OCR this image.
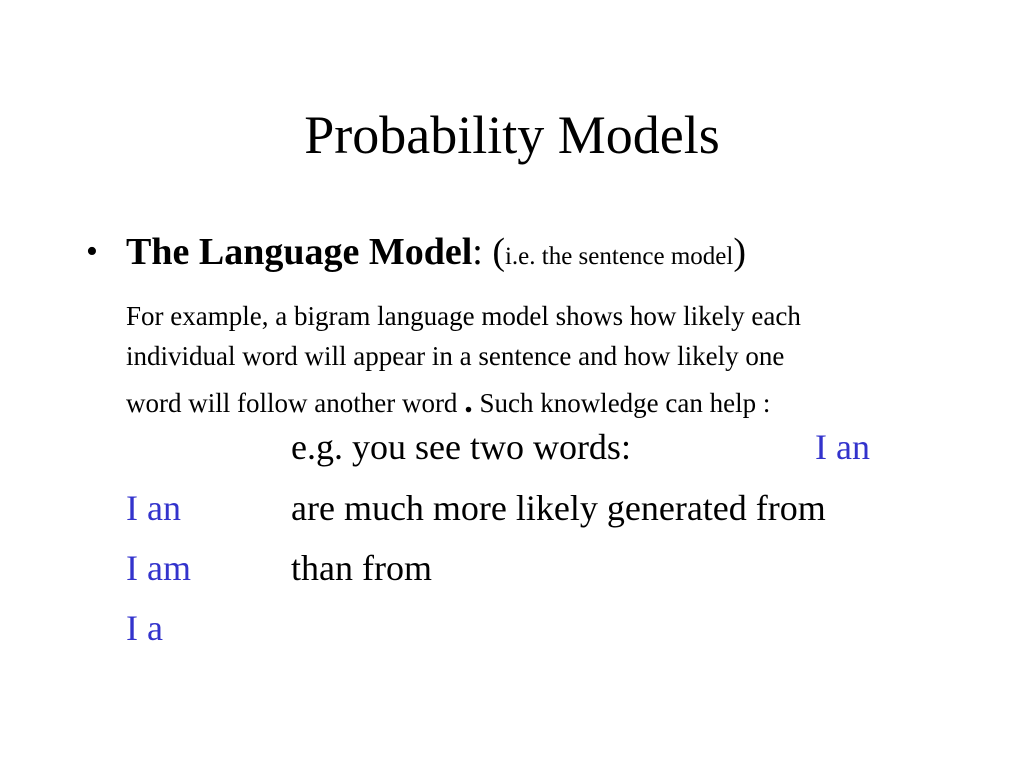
Probability Models
• The Language Model: (i.e. the sentence model)
For example, a bigram language model shows how likely each
individual word will appear in a sentence and how likely one
word will follow another word . Such knowledge can help :
e.g. you see two words:	I an
I an	are much more likely generated from
I am	than from
I a
